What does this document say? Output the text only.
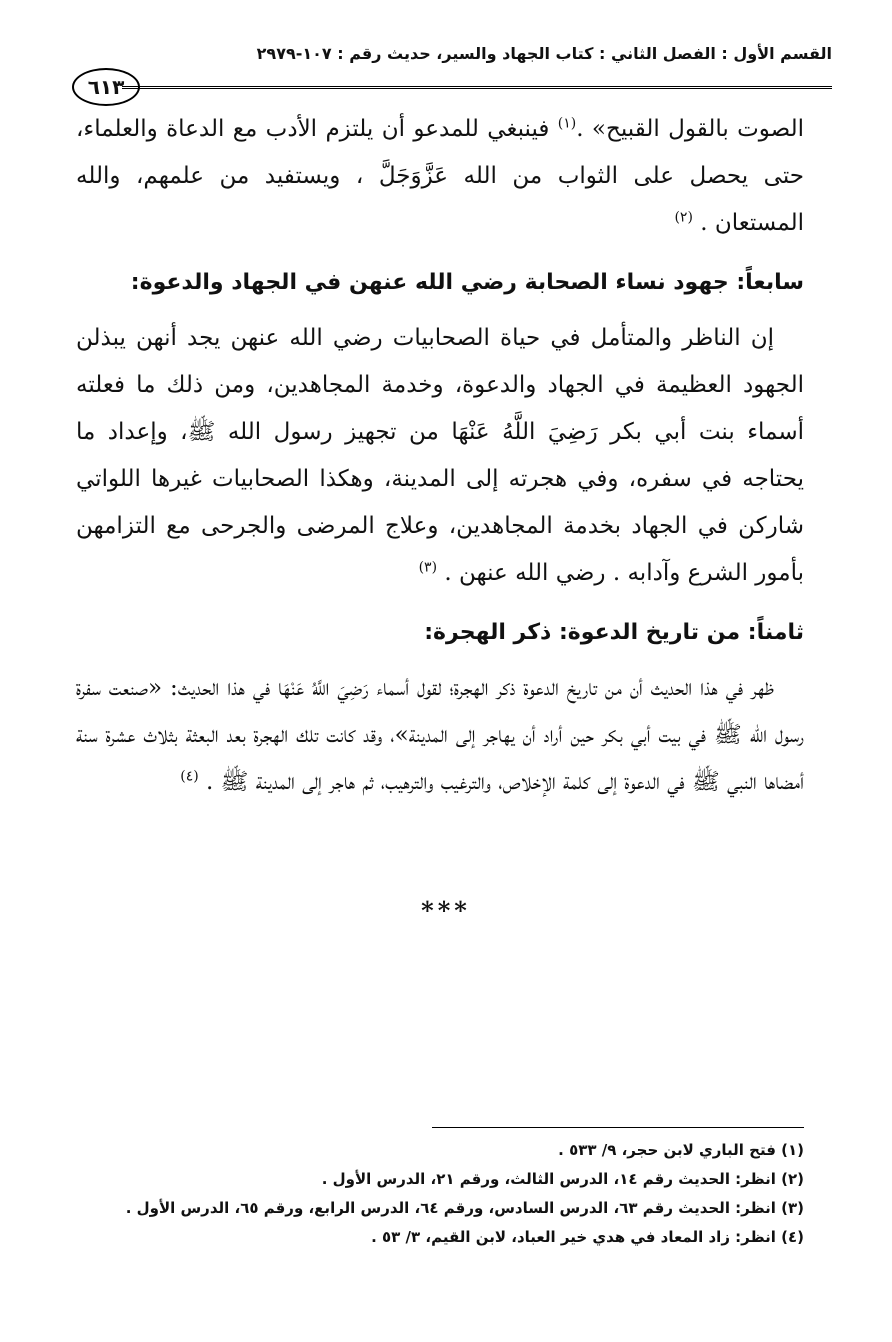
القسم الأول : الفصل الثاني : كتاب الجهاد والسير، حديث رقم : ١٠٧-٢٩٧٩
٦١٣

الصوت بالقول القبيح» .$^{(١)}$ فينبغي للمدعو أن يلتزم الأدب مع الدعاة والعلماء، حتى يحصل على الثواب من الله عَزَّوَجَلَّ ، ويستفيد من علمهم، والله المستعان . $^{(٢)}$

سابعاً: جهود نساء الصحابة رضي الله عنهن في الجهاد والدعوة:

إن الناظر والمتأمل في حياة الصحابيات رضي الله عنهن يجد أنهن يبذلن الجهود العظيمة في الجهاد والدعوة، وخدمة المجاهدين، ومن ذلك ما فعلته أسماء بنت أبي بكر رَضِيَ اللَّهُ عَنْهَا من تجهيز رسول الله ﷺ، وإعداد ما يحتاجه في سفره، وفي هجرته إلى المدينة، وهكذا الصحابيات غيرها اللواتي شاركن في الجهاد بخدمة المجاهدين، وعلاج المرضى والجرحى مع التزامهن بأمور الشرع وآدابه . رضي الله عنهن . $^{(٣)}$

ثامناً: من تاريخ الدعوة: ذكر الهجرة:

ظهر في هذا الحديث أن من تاريخ الدعوة ذكر الهجرة؛ لقول أسماء رَضِيَ اللَّهُ عَنْهَا في هذا الحديث: «صنعت سفرة رسول الله ﷺ في بيت أبي بكر حين أراد أن يهاجر إلى المدينة»، وقد كانت تلك الهجرة بعد البعثة بثلاث عشرة سنة أمضاها النبي ﷺ في الدعوة إلى كلمة الإخلاص، والترغيب والترهيب، ثم هاجر إلى المدينة ﷺ . $^{(٤)}$

***
(١) فتح الباري لابن حجر، ٩/ ٥٣٣ .
(٢) انظر: الحديث رقم ١٤، الدرس الثالث، ورقم ٢١، الدرس الأول .
(٣) انظر: الحديث رقم ٦٣، الدرس السادس، ورقم ٦٤، الدرس الرابع، ورقم ٦٥، الدرس الأول .
(٤) انظر: زاد المعاد في هدي خير العباد، لابن القيم، ٣/ ٥٣ .
